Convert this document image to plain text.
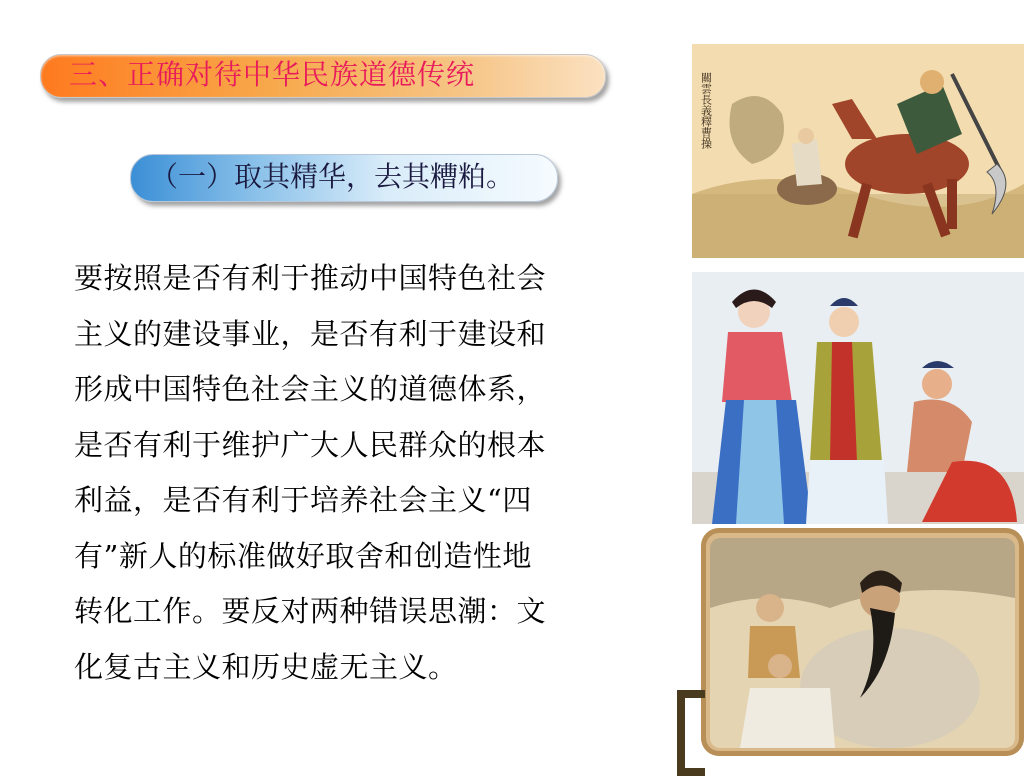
三、正确对待中华民族道德传统
（一）取其精华，去其糟粕。
要按照是否有利于推动中国特色社会
主义的建设事业，是否有利于建设和
形成中国特色社会主义的道德体系，
是否有利于维护广大人民群众的根本
利益，是否有利于培养社会主义“四
有”新人的标准做好取舍和创造性地
转化工作。要反对两种错误思潮：文
化复古主义和历史虚无主义。
關雲長義釋曹操
